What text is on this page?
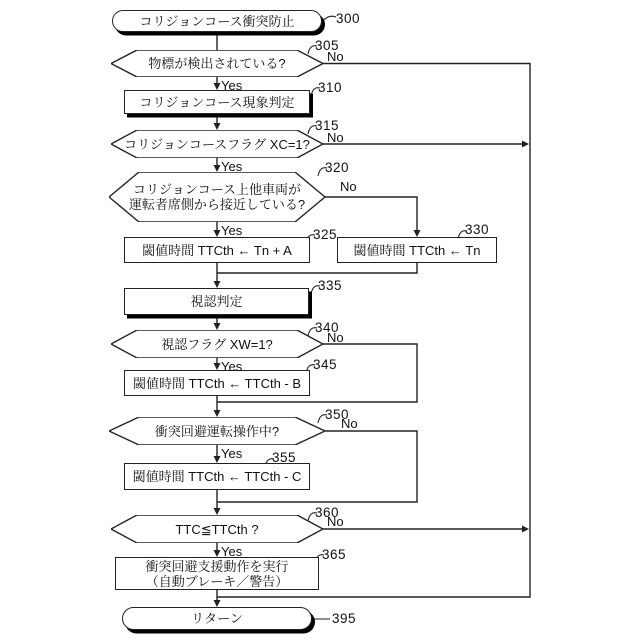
コリジョンコース衝突防止
物標が検出されている?
コリジョンコース現象判定
コリジョンコースフラグ XC=1?
コリジョンコース上他車両が
運転者席側から接近している?
閾値時間 TTCth ← Tn + A	閾値時間 TTCth ← Tn
視認判定
視認フラグ XW=1?
閾値時間 TTCth ← TTCth - B
衝突回避運転操作中?
閾値時間 TTCth ← TTCth - C
TTC≦TTCth ?
衝突回避支援動作を実行
（自動ブレーキ／警告）
リターン
300
305
310
315
320
325	330
335
340
345
350
355
360
365
395
Yes
No
Yes
No
Yes
No
Yes
No
Yes
No
Yes
No
